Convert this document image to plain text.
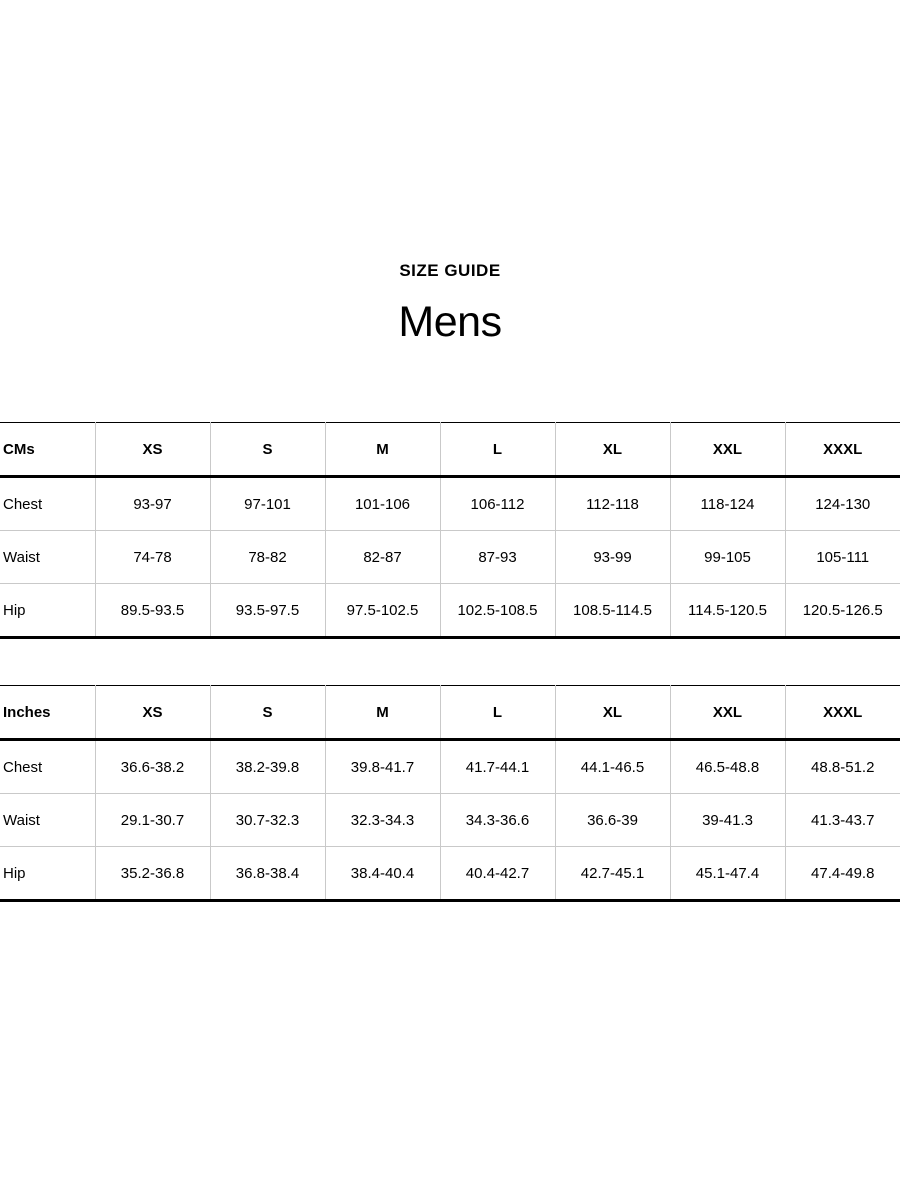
SIZE GUIDE
Mens
CMs	XS	S	M	L	XL	XXL	XXXL
Chest	93-97	97-101	101-106	106-112	112-118	118-124	124-130
Waist	74-78	78-82	82-87	87-93	93-99	99-105	105-111
Hip	89.5-93.5	93.5-97.5	97.5-102.5	102.5-108.5	108.5-114.5	114.5-120.5	120.5-126.5
Inches	XS	S	M	L	XL	XXL	XXXL
Chest	36.6-38.2	38.2-39.8	39.8-41.7	41.7-44.1	44.1-46.5	46.5-48.8	48.8-51.2
Waist	29.1-30.7	30.7-32.3	32.3-34.3	34.3-36.6	36.6-39	39-41.3	41.3-43.7
Hip	35.2-36.8	36.8-38.4	38.4-40.4	40.4-42.7	42.7-45.1	45.1-47.4	47.4-49.8
